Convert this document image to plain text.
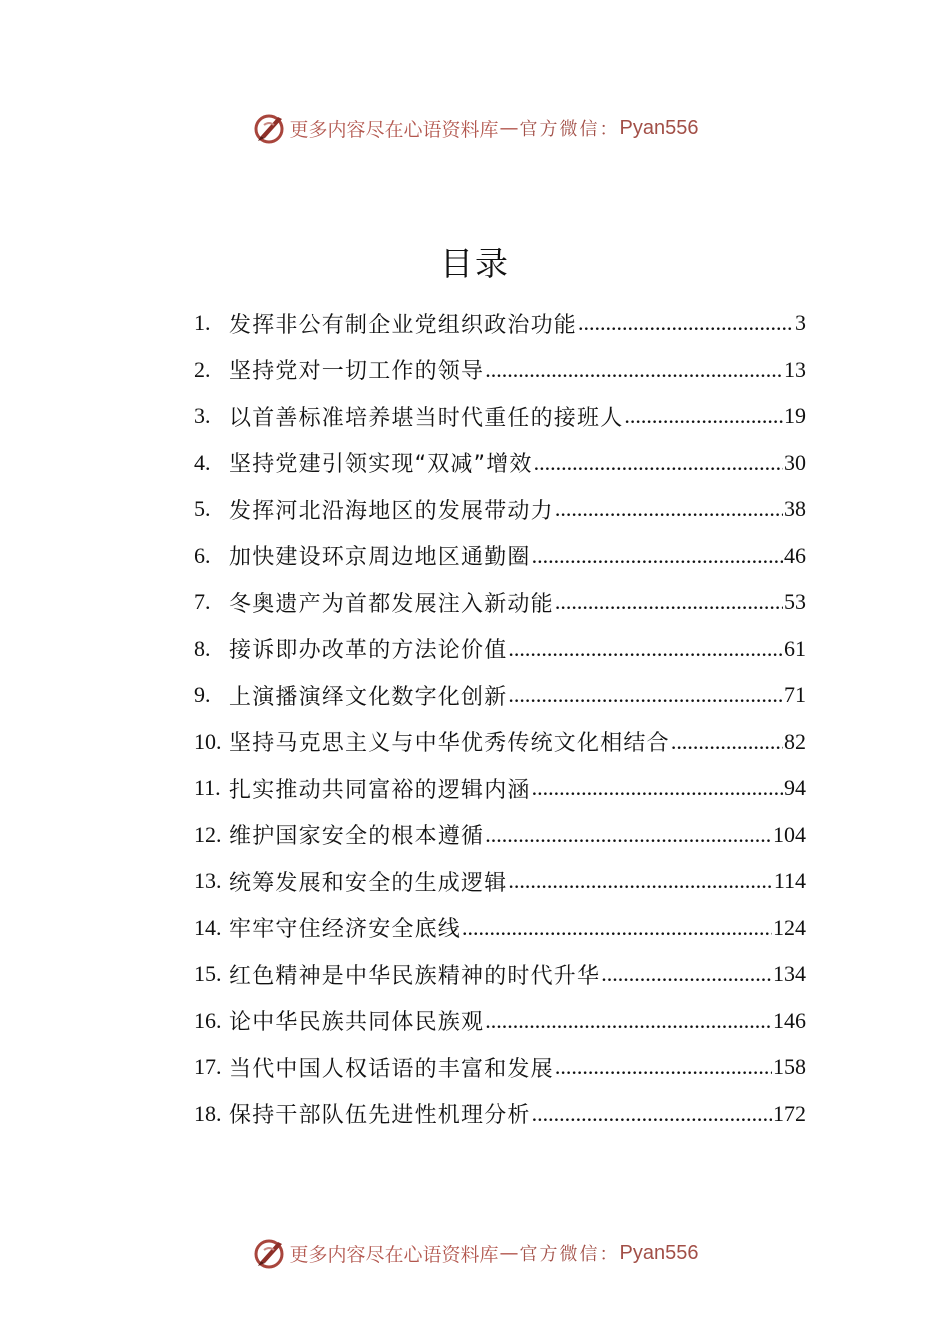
更多内容尽在心语资料库 — 官方微信： Pyan556
目录
1. 发挥非公有制企业党组织政治功能 .....	3
2. 坚持党对一切工作的领导 .....	13
3. 以首善标准培养堪当时代重任的接班人 .....	19
4. 坚持党建引领实现“双减”增效 .....	30
5. 发挥河北沿海地区的发展带动力 .....	38
6. 加快建设环京周边地区通勤圈 .....	46
7. 冬奥遗产为首都发展注入新动能 .....	53
8. 接诉即办改革的方法论价值 .....	61
9. 上演播演绎文化数字化创新 .....	71
10. 坚持马克思主义与中华优秀传统文化相结合 .....	82
11. 扎实推动共同富裕的逻辑内涵 .....	94
12. 维护国家安全的根本遵循 .....	104
13. 统筹发展和安全的生成逻辑 .....	114
14. 牢牢守住经济安全底线 .....	124
15. 红色精神是中华民族精神的时代升华 .....	134
16. 论中华民族共同体民族观 .....	146
17. 当代中国人权话语的丰富和发展 .....	158
18. 保持干部队伍先进性机理分析 .....	172
更多内容尽在心语资料库 — 官方微信： Pyan556
